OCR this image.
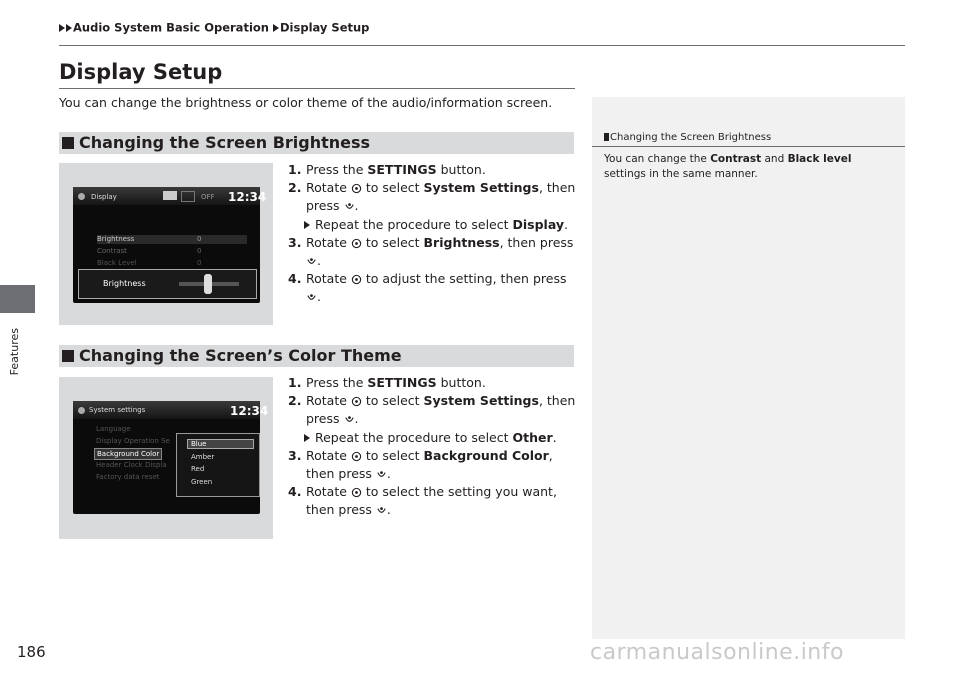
Audio System Basic Operation Display Setup
Features
186
Display Setup
You can change the brightness or color theme of the audio/information screen.
Changing the Screen Brightness
You can change the Contrast and Black level
settings in the same manner.
Changing the Screen Brightness
Display	OFF 12:34
Brightness
Contrast
Black Level
0
0
0
Brightness
1. Press the SETTINGS button.
2. Rotate  to select System Settings, then press .
Repeat the procedure to select Display.
3. Rotate  to select Brightness, then press
.
4. Rotate  to adjust the setting, then press
.
Changing the Screen’s Color Theme
System settings	12:34
Language
Display Operation Se
Background Color
Header Clock Displa
Factory data reset
Blue
Amber
Red
Green
1. Press the SETTINGS button.
2. Rotate  to select System Settings, then press .
Repeat the procedure to select Other.
3. Rotate  to select Background Color,
then press .
4. Rotate  to select the setting you want,
then press .
carmanualsonline.info
